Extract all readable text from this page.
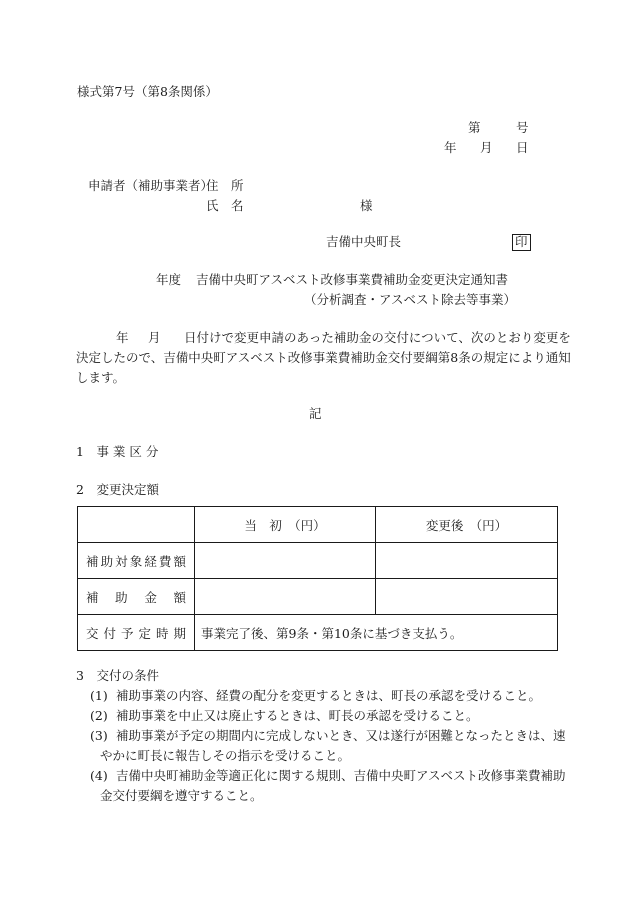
様式第7号（第8条関係）
第	号
年 月 日
申請者（補助事業者）
住　所
氏　名	様
吉備中央町長	印
年度 吉備中央町アスベスト改修事業費補助金変更決定通知書
（分析調査・アスベスト除去等事業）
年 月 日付けで変更申請のあった補助金の交付について、次のとおり変更を
決定したので、吉備中央町アスベスト改修事業費補助金交付要綱第8条の規定により通知
します。
記
1　事 業 区 分
2　変更決定額
	当　初　（円）	変更後　（円）
補助対象経費額		
補　助　金　額		
交付予定時期	事業完了後、第9条・第10条に基づき支払う。	
3　交付の条件
(1) 補助事業の内容、経費の配分を変更するときは、町長の承認を受けること。
(2) 補助事業を中止又は廃止するときは、町長の承認を受けること。
(3) 補助事業が予定の期間内に完成しないとき、又は遂行が困難となったときは、速
やかに町長に報告しその指示を受けること。
(4) 吉備中央町補助金等適正化に関する規則、吉備中央町アスベスト改修事業費補助
金交付要綱を遵守すること。
